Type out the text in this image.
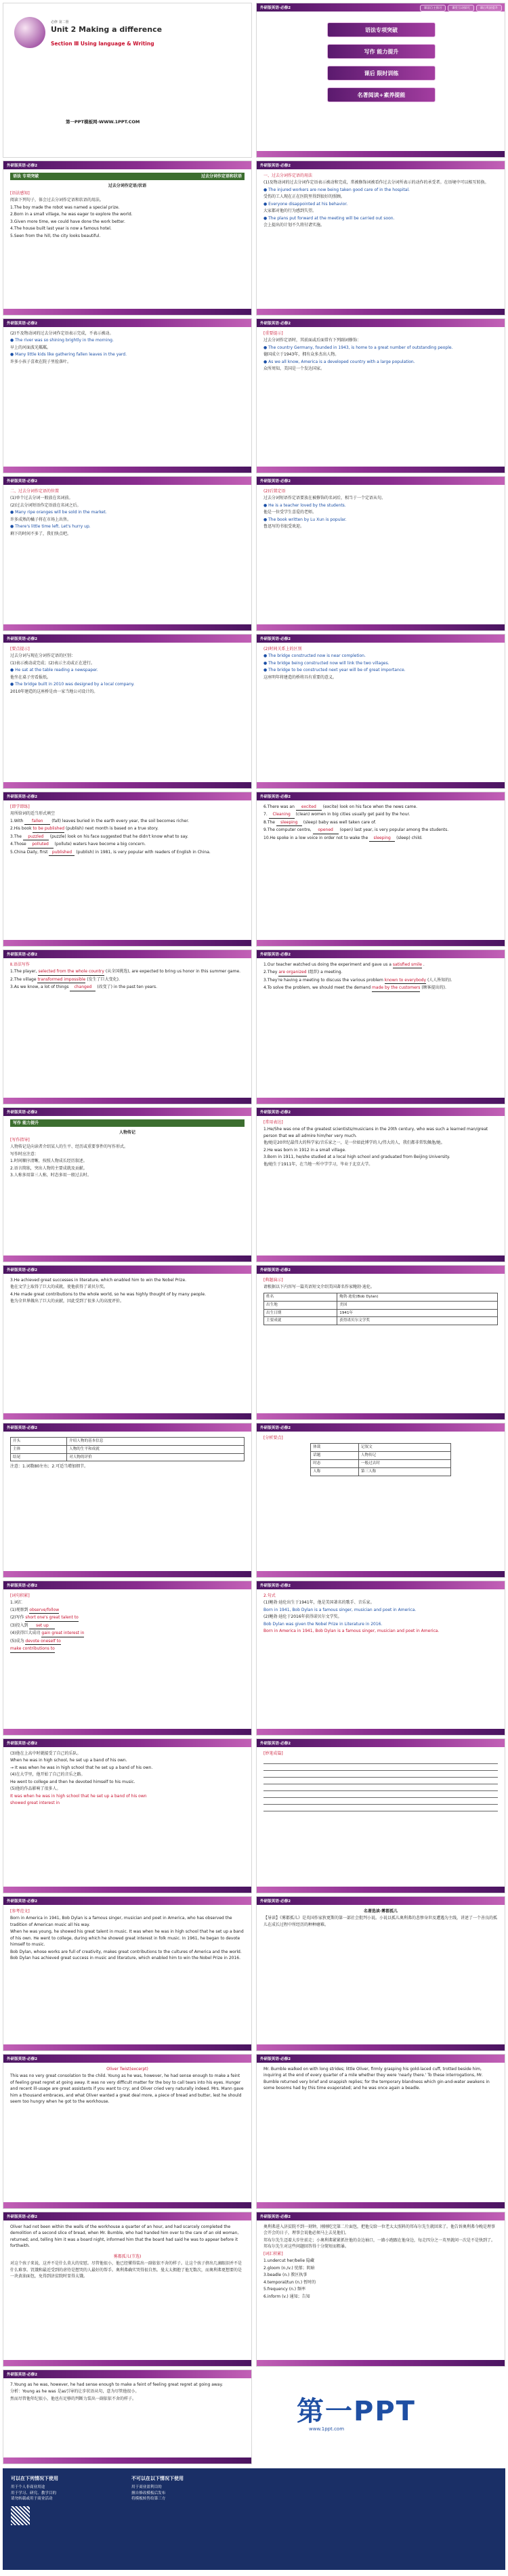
必修 第二册
Unit 2 Making a difference
Section Ⅲ Using language & Writing
第一PPT模板网-WWW.1PPT.COM
外研版英语·必修2	课前自主预习	课堂互动探究	课后巩固提升
语法专项突破
写作 能力提升
课后 限时训练
名著阅读+素养提能
外研版英语·必修2
语法 专项突破	过去分词作定语和状语

过去分词作定语/状语

[语法感知]

阅读下列句子，体会过去分词作定语和状语的用法。

1.The boy made the robot was named a special prize.

2.Born in a small village, he was eager to explore the world.

3.Given more time, we could have done the work better.

4.The house built last year is now a famous hotel.

5.Seen from the hill, the city looks beautiful.

外研版英语·必修2

一、过去分词作定语的用法

(1)及物动词的过去分词作定语表示被动和完成，常被修饰词被看作过去分词所表示的动作的承受者。在语境中可以相互转换。

● The injured workers are now being taken good care of in the hospital.

受伤的工人现在正在医院里得到很好的照顾。

● Everyone disappointed at his behavior.

大家都对他的行为感到失望。

● The plans put forward at the meeting will be carried out soon.

会上提出的计划不久将付诸实施。

外研版英语·必修2

(2)不及物动词的过去分词作定语表示完成，不表示被动。

● The river was so shining brightly in the morning.

早上的河面波光粼粼。

● Many little kids like gathering fallen leaves in the yard.

许多小孩子喜欢在院子里捡落叶。

外研版英语·必修2

[重要提示]

过去分词作定语时，其前面或后面常有下列副词修饰：

● The country Germany, founded in 1943, is home to a great number of outstanding people.

德国成立于1943年，拥有众多杰出人物。

● As we all know, America is a developed country with a large population.

众所周知，美国是一个发达国家。

外研版英语·必修2

二、过去分词作定语的位置

(1)单个过去分词一般放在名词前。

(2)过去分词短语作定语放在名词之后。

● Many ripe oranges will be sold in the market.

许多成熟的橘子将在市场上出售。

● There's little time left. Let's hurry up.

剩下的时间不多了，我们快点吧。

外研版英语·必修2

(2)后置定语

过去分词短语作定语要放在被修饰的名词后，相当于一个定语从句。

● He is a teacher loved by the students.

他是一位受学生喜爱的老师。

● The book written by Lu Xun is popular.

鲁迅写的书很受欢迎。

外研版英语·必修2

[要点提示]

过去分词与现在分词作定语的区别：

(1)表示被动或完成；(2)表示主动或正在进行。

● He sat at the table reading a newspaper.

他坐在桌子旁看报纸。

● The bridge built in 2010 was designed by a local company.

2010年建造的这座桥是由一家当地公司设计的。

外研版英语·必修2

(2)时间关系上的区别

● The bridge constructed now is near completion.

● The bridge being constructed now will link the two villages.

● The bridge to be constructed next year will be of great importance.

这座明年将建造的桥将具有重要的意义。

外研版英语·必修2

[即学即练]

用所给词的适当形式填空

1.With fallen (fall) leaves buried in the earth every year, the soil becomes richer.

2.His book to be published (publish) next month is based on a true story.

3.The puzzled (puzzle) look on his face suggested that he didn't know what to say.

4.Those polluted (pollute) waters have become a big concern.

5.China Daily, first published (publish) in 1981, is very popular with readers of English in China.

外研版英语·必修2

6.There was an excited (excite) look on his face when the news came.

7. Cleaning (clean) women in big cities usually get paid by the hour.

8.The sleeping (sleep) baby was well taken care of.

9.The computer centre, opened (open) last year, is very popular among the students.

10.He spoke in a low voice in order not to wake the sleeping (sleep) child.

外研版英语·必修2

Ⅱ.语法写作

1.The player, selected from the whole country (从全国挑选), are expected to bring us honor in this summer game.

2.The village transformed impossible (发生了巨大变化).

3.As we know, a lot of things changed (改变了) in the past ten years.

外研版英语·必修2

1.Our teacher watched us doing the experiment and gave us a satisfied smile .

2.They are organized (组织) a meeting.

3.They're having a meeting to discuss the various problem known to everybody (人人皆知的).

4.To solve the problem, we should meet the demand made by the customers (顾客提出的).

外研版英语·必修2
写作 能力提升

人物传记

[写作指导]

人物传记是向读者介绍某人的生平、经历或重要事件的写作形式。

写作时应注意：

1.时间顺序清晰，按照人物成长经历叙述。

2.语言简练，突出人物的主要成就及贡献。

3.人称多用第三人称，时态多用一般过去时。

外研版英语·必修2

[常用表达]

1.He/She was one of the greatest scientists/musicians in the 20th century, who was such a learned man/great person that we all admire him/her very much.

他/她是20世纪最伟大的科学家/音乐家之一，是一位如此博学的人/伟大的人，我们都非常钦佩他/她。

2.He was born in 1912 in a small village.

3.Born in 1911, he/she studied at a local high school and graduated from Beijing University.

他/她生于1911年，在当地一所中学学习，毕业于北京大学。

外研版英语·必修2

3.He achieved great successes in literature, which enabled him to win the Nobel Prize.

他在文学上取得了巨大的成就，使他获得了诺贝尔奖。

4.He made great contributions to the whole world, so he was highly thought of by many people.

他为全世界做出了巨大的贡献，因此受到了很多人的高度评价。

外研版英语·必修2

[典题演示]

请根据以下内容写一篇英语短文介绍美国著名作家鲍勃·迪伦。

姓名	鲍勃·迪伦(Bob Dylan)
出生地	美国
出生日期	1941年
主要成就	获得诺贝尔文学奖
外研版英语·必修2
开头	介绍人物的基本信息
主体	人物的生平和成就
结尾	对人物的评价

注意：1.词数80左右；2.可适当增加细节。

外研版英语·必修2

[分析要点]

体裁	记叙文
话题	人物传记
时态	一般过去时
人称	第三人称
外研版英语·必修2

[词句积累]

1.词汇

(1)观察到 observe/follow

(2)写作 short one's great talent to

(3)投入到 set up

(4)获得巨大成功 gain great interest in

(5)成为 devote oneself to

make contributions to

外研版英语·必修2

2.句式

(1)鲍勃·迪伦出生于1941年，他是美国著名的歌手、音乐家。

Born in 1941, Bob Dylan is a famous singer, musician and poet in America.

(2)鲍勃·迪伦于2016年获得诺贝尔文学奖。

Bob Dylan was given the Nobel Prize in Literature in 2016.

Born in America in 1941, Bob Dylan is a famous singer, musician and poet in America.

外研版英语·必修2

(3)他在上高中时就接受了自己的乐队。

When he was in high school, he set up a band of his own.

→ It was when he was in high school that he set up a band of his own.

(4)在大学里，他开始了自己的音乐之路。

He went to college and then he devoted himself to his music.

(5)他的作品影响了很多人。

It was when he was in high school that he set up a band of his own

showed great interest in

外研版英语·必修2

[妙笔成篇]

外研版英语·必修2

[参考范文]

Born in America in 1941, Bob Dylan is a famous singer, musician and poet in America, who has observed the tradition of American music all his way.

When he was young, he showed his great talent in music. It was when he was in high school that he set up a band of his own. He went to college, during which he showed great interest in folk music. In 1961, he began to devote himself to music.

Bob Dylan, whose works are full of creativity, makes great contributions to the cultures of America and the world. Bob Dylan has achieved great success in music and literature, which enabled him to win the Nobel Prize in 2016.

外研版英语·必修2

名著选读·雾都孤儿

【导读】《雾都孤儿》是英国作家狄更斯的第一部社会批判小说。小说以孤儿奥利弗的悲惨身世及遭遇为主线，讲述了一个善良的孤儿在成长过程中所经历的种种磨难。

外研版英语·必修2

Oliver Twist(excerpt)

This was no very great consolation to the child. Young as he was, however, he had sense enough to make a feint of feeling great regret at going away. It was no very difficult matter for the boy to call tears into his eyes. Hunger and recent ill-usage are great assistants if you want to cry; and Oliver cried very naturally indeed. Mrs. Mann gave him a thousand embraces, and what Oliver wanted a great deal more, a piece of bread and butter, lest he should seem too hungry when he got to the workhouse.

外研版英语·必修2

Mr. Bumble walked on with long strides; little Oliver, firmly grasping his gold-laced cuff, trotted beside him, inquiring at the end of every quarter of a mile whether they were 'nearly there.' To these interrogations, Mr. Bumble returned very brief and snappish replies; for the temporary blandness which gin-and-water awakens in some bosoms had by this time evaporated; and he was once again a beadle.

外研版英语·必修2

Oliver had not been within the walls of the workhouse a quarter of an hour, and had scarcely completed the demolition of a second slice of bread, when Mr. Bumble, who had handed him over to the care of an old woman, returned; and, telling him it was a board night, informed him that the board had said he was to appear before it forthwith.

雾都孤儿(节选)

对这个孩子来说，这并不是什么莫大的安慰。尽管他很小，他已经懂得装出一副依依不舍的样子。让这个孩子挤出几滴眼泪并不是什么难事。饥饿和最近受到的虐待是想哭的人最好的帮手。奥利弗确实哭得很自然。曼太太拥抱了他无数次，而奥利弗更想要的是一块黄油面包，免得到济贫院时显得太饿。

外研版英语·必修2

奥利弗进入济贫院不到一刻钟，刚刚吃完第二片面包，把他交给一位老太太照料的邦布尔先生就回来了。他告诉奥利弗今晚是理事会开会的日子，理事会说他必须马上去见他们。

邦布尔先生迈着大步往前走；小奥利弗紧紧抓住他的金边袖口，一路小跑跟在他身边，每走四分之一英里就问一次是不是快到了。邦布尔先生对这些问题回答得十分简短而粗暴。

[词汇积累]

1.undercut her/belie 隐藏

2.gloom (n./v.) 忧郁；阴暗

3.beadle (n.) 教区执事

4.temporal/tun (n.) 暂时的

5.frequency (n.) 频率

6.inform (v.) 通知；告知

外研版英语·必修2

7.Young as he was, however, he had sense enough to make a feint of feeling great regret at going away.

分析：Young as he was 是as引导的让步状语从句，意为尽管他很小。

然而尽管他年纪很小，他也有足够的判断力装出一副依依不舍的样子。	第一PPT
www.1ppt.com
可以在下列情况下使用
用于个人非商业用途
用于学习、研究、教学目的
请勿转载或用于商业活动
不可以在以下情况下使用
用于商业盈利目的
擅自修改模板后发布
将模板转售给第三方
